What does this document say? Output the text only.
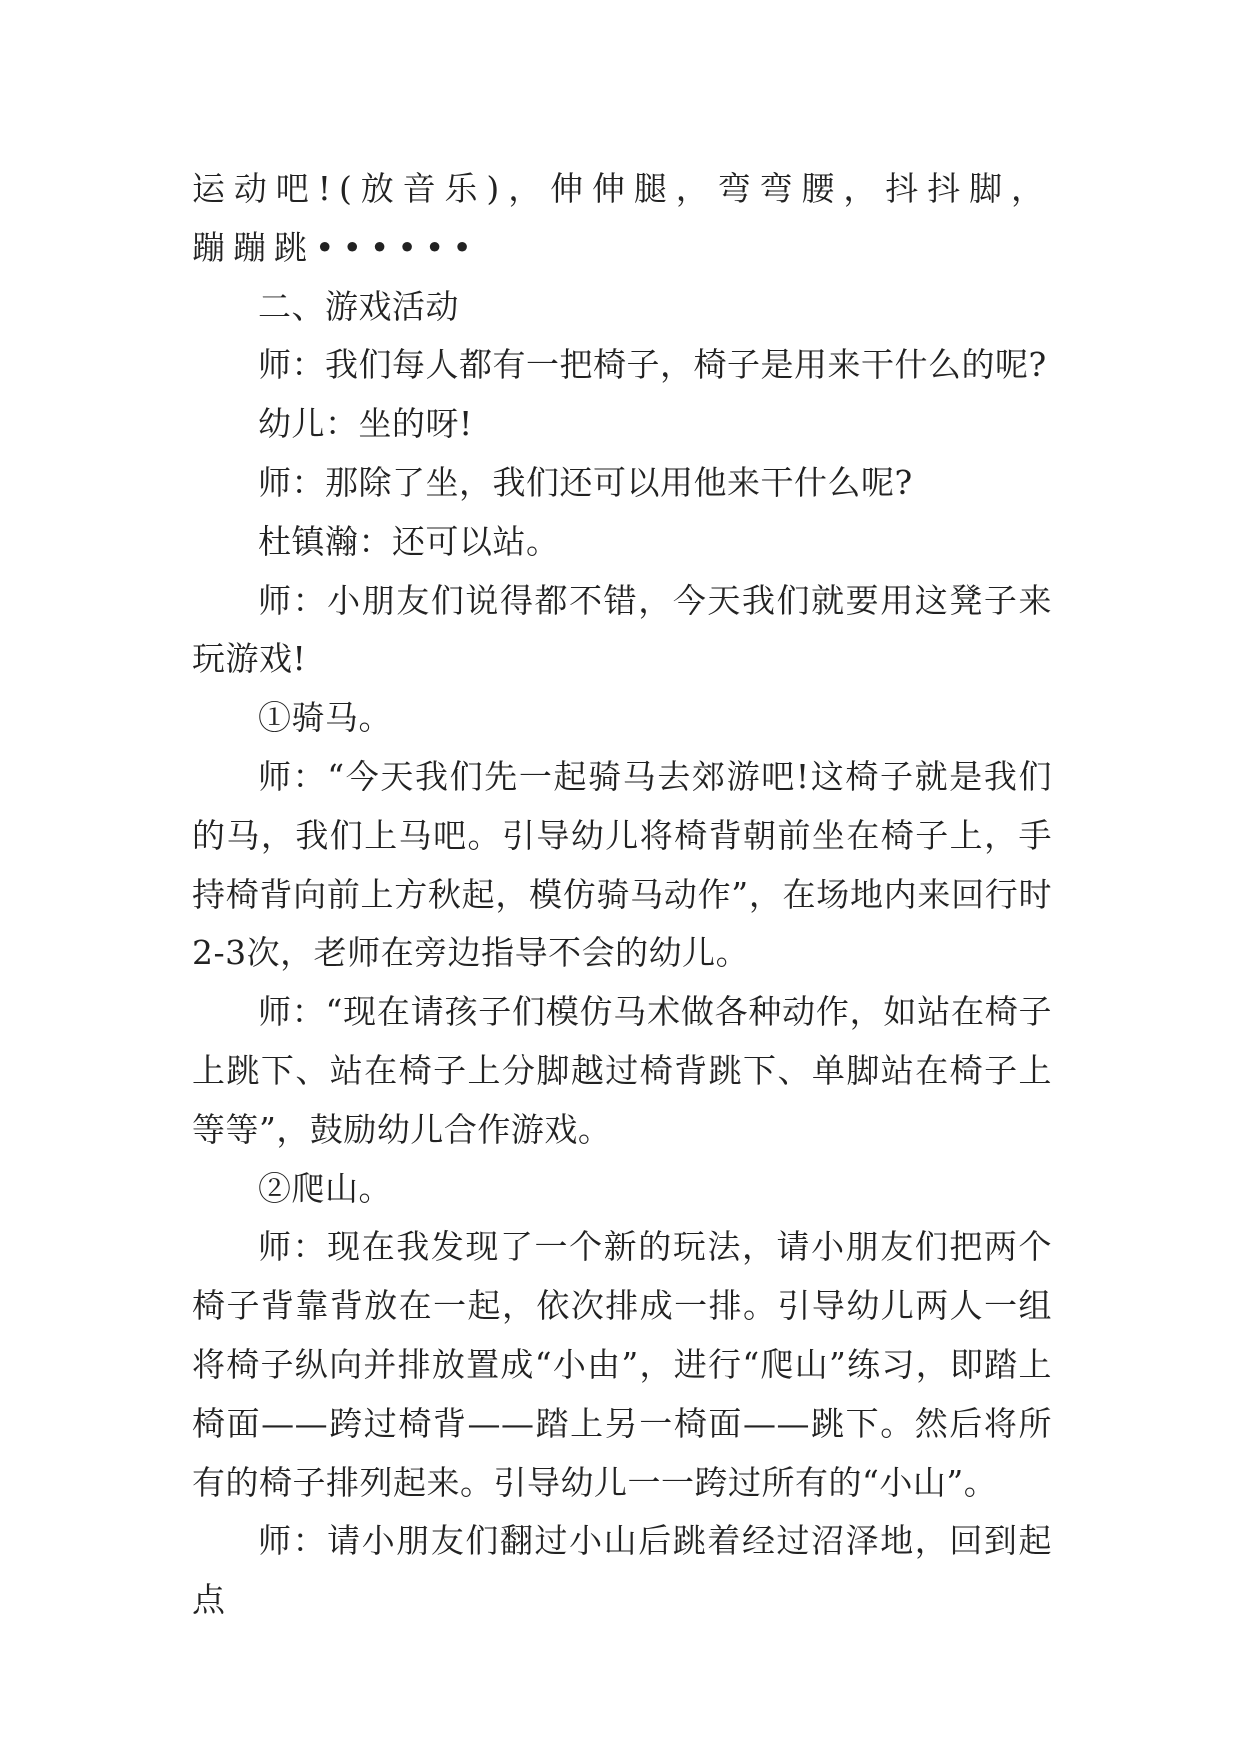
运动吧!(放音乐)，伸伸腿，弯弯腰，抖抖脚，蹦蹦跳••••••

二、游戏活动

师：我们每人都有一把椅子，椅子是用来干什么的呢?

幼儿：坐的呀!

师：那除了坐，我们还可以用他来干什么呢?

杜镇瀚：还可以站。

师：小朋友们说得都不错，今天我们就要用这凳子来玩游戏!

①骑马。

师：“今天我们先一起骑马去郊游吧!这椅子就是我们的马，我们上马吧。引导幼儿将椅背朝前坐在椅子上，手持椅背向前上方秋起，模仿骑马动作”，在场地内来回行时2-3次，老师在旁边指导不会的幼儿。

师：“现在请孩子们模仿马术做各种动作，如站在椅子上跳下、站在椅子上分脚越过椅背跳下、单脚站在椅子上等等”，鼓励幼儿合作游戏。

②爬山。

师：现在我发现了一个新的玩法，请小朋友们把两个椅子背靠背放在一起，依次排成一排。引导幼儿两人一组将椅子纵向并排放置成“小由”，进行“爬山”练习，即踏上椅面——跨过椅背——踏上另一椅面——跳下。然后将所有的椅子排列起来。引导幼儿一一跨过所有的“小山”。

师：请小朋友们翻过小山后跳着经过沼泽地，回到起点
